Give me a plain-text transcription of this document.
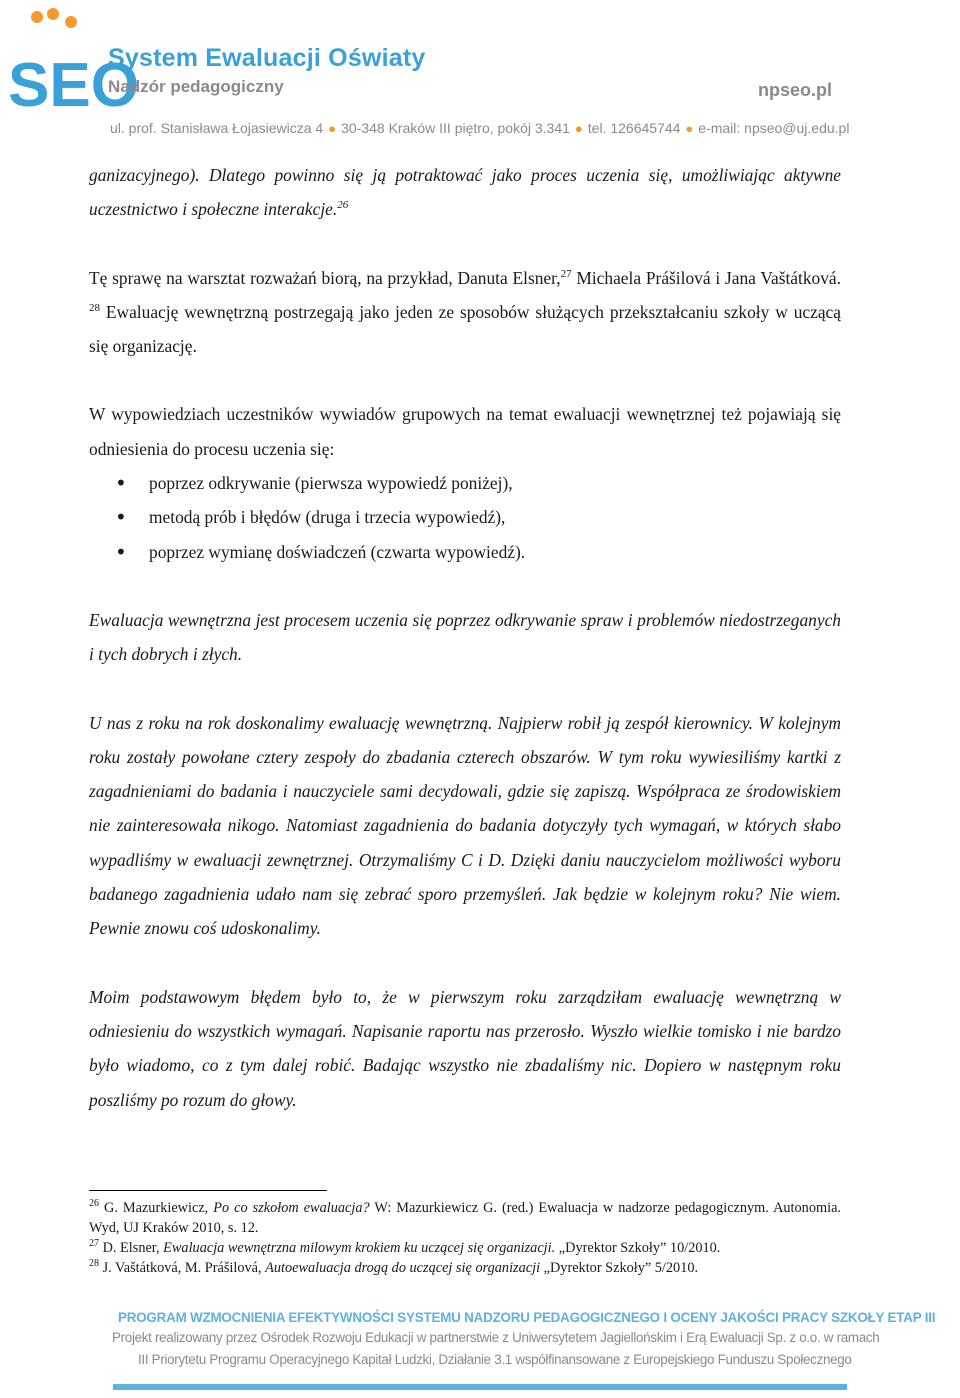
SEO
System Ewaluacji Oświaty
Nadzór pedagogiczny	npseo.pl
ul. prof. Stanisława Łojasiewicza 4 ● 30-348 Kraków III piętro, pokój 3.341 ● tel. 126645744 ● e-mail: npseo@uj.edu.pl

ganizacyjnego). Dlatego powinno się ją potraktować jako proces uczenia się, umożliwiając aktywne uczestnictwo i społeczne interakcje.$^{26}$

Tę sprawę na warsztat rozważań biorą, na przykład, Danuta Elsner,$^{27}$ Michaela Prášilová i Jana Vaštátková. $^{28}$ Ewaluację wewnętrzną postrzegają jako jeden ze sposobów służących przekształcaniu szkoły w uczącą się organizację.

W wypowiedziach uczestników wywiadów grupowych na temat ewaluacji wewnętrznej też pojawiają się odniesienia do procesu uczenia się:

• poprzez odkrywanie (pierwsza wypowiedź poniżej),
• metodą prób i błędów (druga i trzecia wypowiedź),
• poprzez wymianę doświadczeń (czwarta wypowiedź).

Ewaluacja wewnętrzna jest procesem uczenia się poprzez odkrywanie spraw i problemów niedostrzeganych i tych dobrych i złych.

U nas z roku na rok doskonalimy ewaluację wewnętrzną. Najpierw robił ją zespół kierownicy. W kolejnym roku zostały powołane cztery zespoły do zbadania czterech obszarów. W tym roku wywiesiliśmy kartki z zagadnieniami do badania i nauczyciele sami decydowali, gdzie się zapiszą. Współpraca ze środowiskiem nie zainteresowała nikogo. Natomiast zagadnienia do badania dotyczyły tych wymagań, w których słabo wypadliśmy w ewaluacji zewnętrznej. Otrzymaliśmy C i D. Dzięki daniu nauczycielom możliwości wyboru badanego zagadnienia udało nam się zebrać sporo przemyśleń. Jak będzie w kolejnym roku? Nie wiem. Pewnie znowu coś udoskonalimy.

Moim podstawowym błędem było to, że w pierwszym roku zarządziłam ewaluację wewnętrzną w odniesieniu do wszystkich wymagań. Napisanie raportu nas przerosło. Wyszło wielkie tomisko i nie bardzo było wiadomo, co z tym dalej robić. Badając wszystko nie zbadaliśmy nic. Dopiero w następnym roku poszliśmy po rozum do głowy.

$^{26}$ G. Mazurkiewicz, Po co szkołom ewaluacja? W: Mazurkiewicz G. (red.) Ewaluacja w nadzorze pedagogicznym. Autonomia. Wyd, UJ Kraków 2010, s. 12.

$^{27}$ D. Elsner, Ewaluacja wewnętrzna milowym krokiem ku uczącej się organizacji. „Dyrektor Szkoły” 10/2010.

$^{28}$ J. Vaštátková, M. Prášilová, Autoewaluacja drogą do uczącej się organizacji „Dyrektor Szkoły” 5/2010.

PROGRAM WZMOCNIENIA EFEKTYWNOŚCI SYSTEMU NADZORU PEDAGOGICZNEGO I OCENY JAKOŚCI PRACY SZKOŁY ETAP III
Projekt realizowany przez Ośrodek Rozwoju Edukacji w partnerstwie z Uniwersytetem Jagiellońskim i Erą Ewaluacji Sp. z o.o. w ramach
III Priorytetu Programu Operacyjnego Kapitał Ludzki, Działanie 3.1 współfinansowane z Europejskiego Funduszu Społecznego
